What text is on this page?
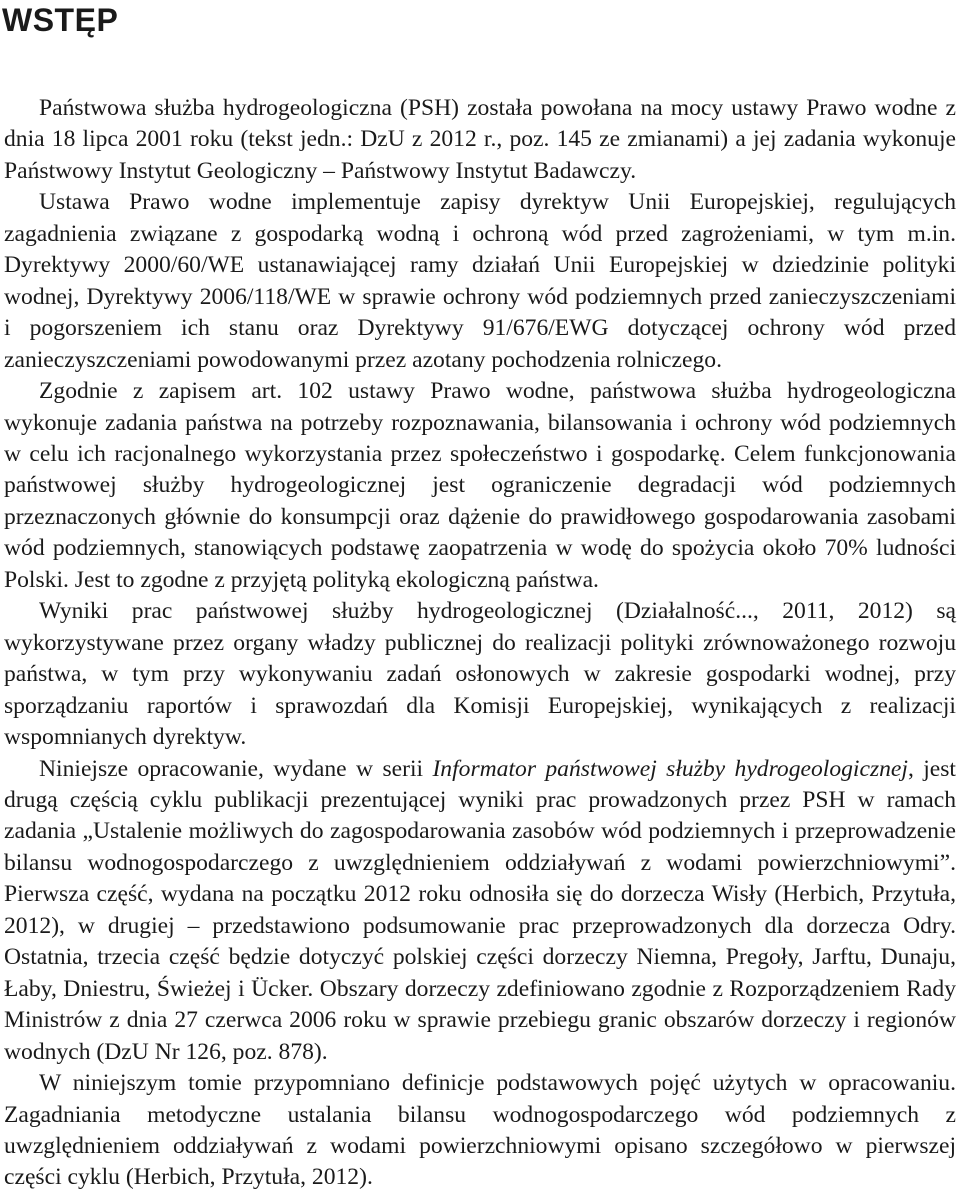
WSTĘP

Państwowa służba hydrogeologiczna (PSH) została powołana na mocy ustawy Prawo wodne z dnia 18 lipca 2001 roku (tekst jedn.: DzU z 2012 r., poz. 145 ze zmianami) a jej zadania wykonuje Państwowy Instytut Geologiczny – Państwowy Instytut Badawczy.

Ustawa Prawo wodne implementuje zapisy dyrektyw Unii Europejskiej, regulujących zagadnienia związane z gospodarką wodną i ochroną wód przed zagrożeniami, w tym m.in. Dyrektywy 2000/60/WE ustanawiającej ramy działań Unii Europejskiej w dziedzinie polityki wodnej, Dyrektywy 2006/118/WE w sprawie ochrony wód podziemnych przed zanieczyszczeniami i pogorszeniem ich stanu oraz Dyrektywy 91/676/EWG dotyczącej ochrony wód przed zanieczyszczeniami powodowanymi przez azotany pochodzenia rolniczego.

Zgodnie z zapisem art. 102 ustawy Prawo wodne, państwowa służba hydrogeologiczna wykonuje zadania państwa na potrzeby rozpoznawania, bilansowania i ochrony wód podziemnych w celu ich racjonalnego wykorzystania przez społeczeństwo i gospodarkę. Celem funkcjonowania państwowej służby hydrogeologicznej jest ograniczenie degradacji wód podziemnych przeznaczonych głównie do konsumpcji oraz dążenie do prawidłowego gospodarowania zasobami wód podziemnych, stanowiących podstawę zaopatrzenia w wodę do spożycia około 70% ludności Polski. Jest to zgodne z przyjętą polityką ekologiczną państwa.

Wyniki prac państwowej służby hydrogeologicznej (Działalność..., 2011, 2012) są wykorzystywane przez organy władzy publicznej do realizacji polityki zrównoważonego rozwoju państwa, w tym przy wykonywaniu zadań osłonowych w zakresie gospodarki wodnej, przy sporządzaniu raportów i sprawozdań dla Komisji Europejskiej, wynikających z realizacji wspomnianych dyrektyw.

Niniejsze opracowanie, wydane w serii Informator państwowej służby hydrogeologicznej, jest drugą częścią cyklu publikacji prezentującej wyniki prac prowadzonych przez PSH w ramach zadania „Ustalenie możliwych do zagospodarowania zasobów wód podziemnych i przeprowadzenie bilansu wodnogospodarczego z uwzględnieniem oddziaływań z wodami powierzchniowymi”. Pierwsza część, wydana na początku 2012 roku odnosiła się do dorzecza Wisły (Herbich, Przytuła, 2012), w drugiej – przedstawiono podsumowanie prac przeprowadzonych dla dorzecza Odry. Ostatnia, trzecia część będzie dotyczyć polskiej części dorzeczy Niemna, Pregoły, Jarftu, Dunaju, Łaby, Dniestru, Świeżej i Ücker. Obszary dorzeczy zdefiniowano zgodnie z Rozporządzeniem Rady Ministrów z dnia 27 czerwca 2006 roku w sprawie przebiegu granic obszarów dorzeczy i regionów wodnych (DzU Nr 126, poz. 878).

W niniejszym tomie przypomniano definicje podstawowych pojęć użytych w opracowaniu. Zagadniania metodyczne ustalania bilansu wodnogospodarczego wód podziemnych z uwzględnieniem oddziaływań z wodami powierzchniowymi opisano szczegółowo w pierwszej części cyklu (Herbich, Przytuła, 2012).
